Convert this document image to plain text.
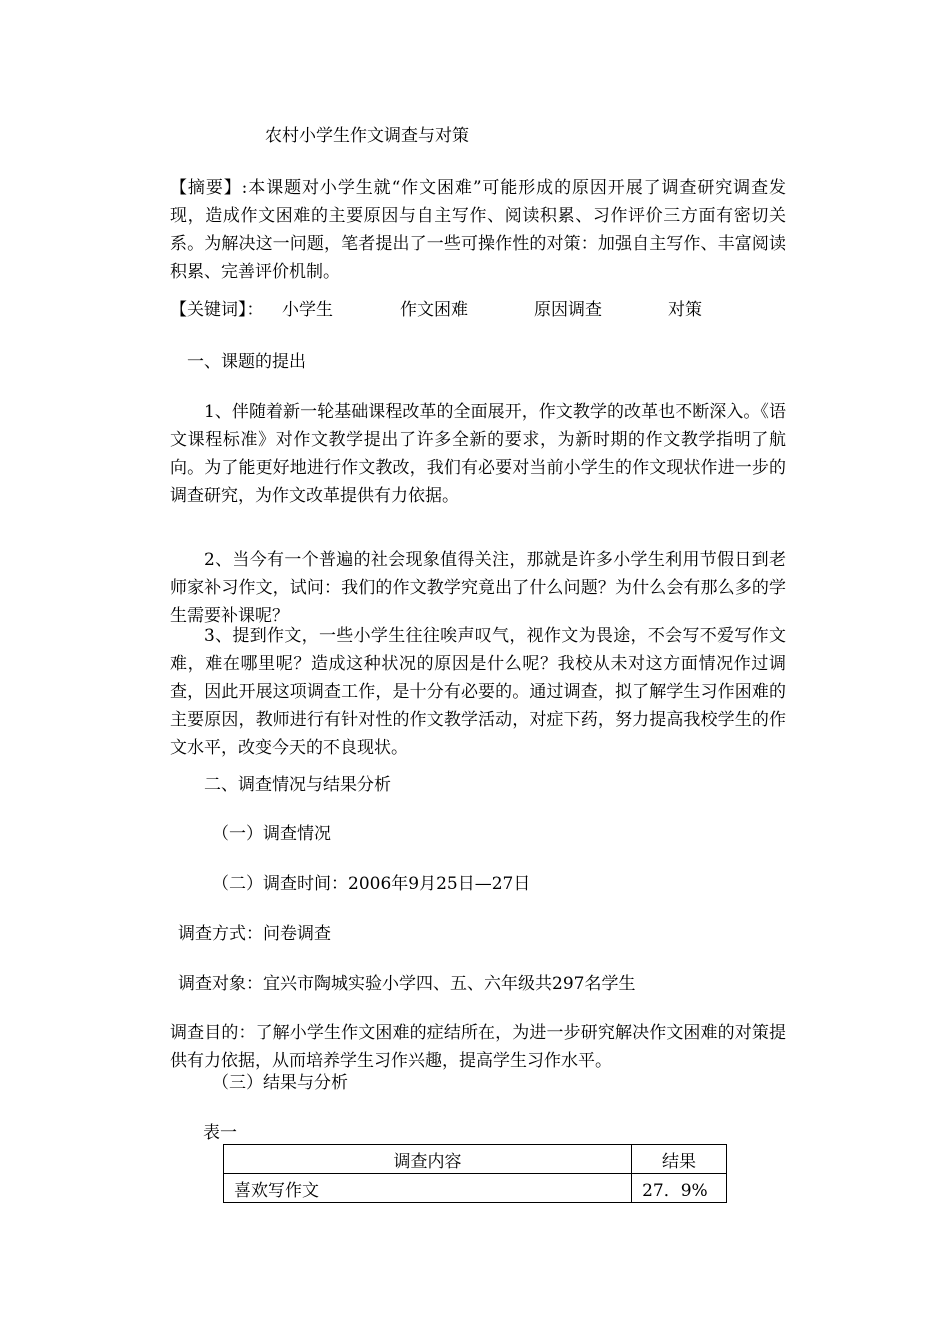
农村小学生作文调查与对策
【摘要】:本课题对小学生就“作文困难”可能形成的原因开展了调查研究调查发现，造成作文困难的主要原因与自主写作、阅读积累、习作评价三方面有密切关系。为解决这一问题，笔者提出了一些可操作性的对策：加强自主写作、丰富阅读积累、完善评价机制。
【关键词】： 小学生	作文困难	原因调查	对策
一、课题的提出
1、伴随着新一轮基础课程改革的全面展开，作文教学的改革也不断深入。《语文课程标准》对作文教学提出了许多全新的要求，为新时期的作文教学指明了航向。为了能更好地进行作文教改，我们有必要对当前小学生的作文现状作进一步的调查研究，为作文改革提供有力依据。
2、当今有一个普遍的社会现象值得关注，那就是许多小学生利用节假日到老师家补习作文，试问：我们的作文教学究竟出了什么问题？为什么会有那么多的学生需要补课呢？
3、提到作文，一些小学生往往唉声叹气，视作文为畏途，不会写不爱写作文难，难在哪里呢？造成这种状况的原因是什么呢？我校从未对这方面情况作过调查，因此开展这项调查工作，是十分有必要的。通过调查，拟了解学生习作困难的主要原因，教师进行有针对性的作文教学活动，对症下药，努力提高我校学生的作文水平，改变今天的不良现状。
二、调查情况与结果分析
（一）调查情况
（二）调查时间：2006年9月25日—27日
调查方式：问卷调查
调查对象：宜兴市陶城实验小学四、五、六年级共297名学生
调查目的：了解小学生作文困难的症结所在，为进一步研究解决作文困难的对策提供有力依据，从而培养学生习作兴趣，提高学生习作水平。
（三）结果与分析
表一
调查内容	结果
喜欢写作文	27．9%
